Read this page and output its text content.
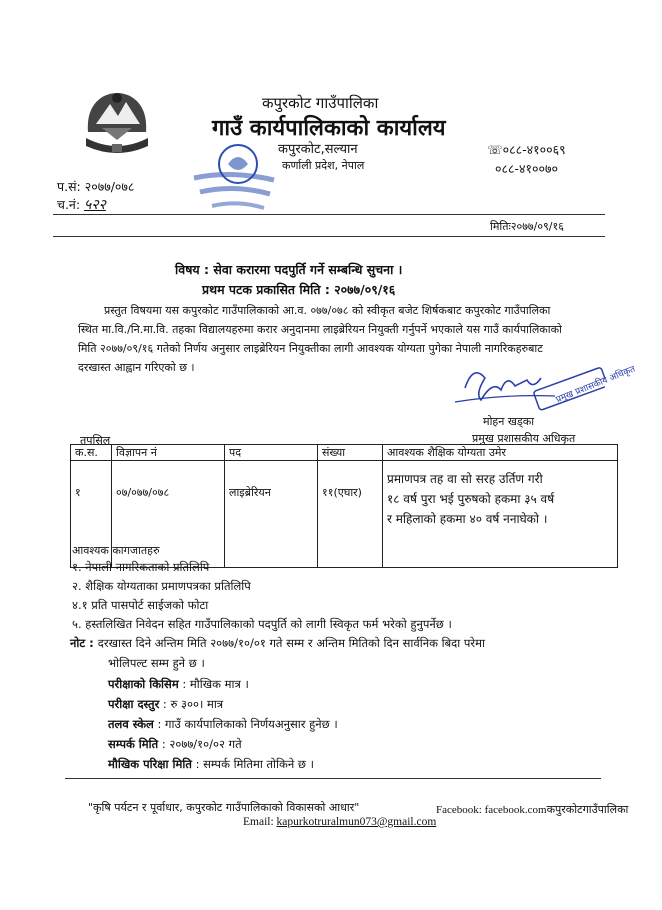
कपुरकोट गाउँपालिका
गाउँ कार्यपालिकाको कार्यालय
कपुरकोट,सल्यान
कर्णाली प्रदेश, नेपाल
☏०८८-४१००६९
०८८-४१००७०
प.सं: २०७७/०७८
च.नं: ५२२
मितिः२०७७/०९/१६
विषय : सेवा करारमा पदपुर्ति गर्ने सम्बन्धि सुचना ।
प्रथम पटक प्रकासित मिति : २०७७/०९/१६
प्रस्तुत विषयमा यस कपुरकोट गाउँपालिकाको आ.व. ०७७/०७८ को स्वीकृत बजेट शिर्षकबाट कपुरकोट गाउँपालिका
स्थित मा.वि./नि.मा.वि. तहका विद्यालयहरुमा करार अनुदानमा लाइब्रेरियन नियुक्ती गर्नुपर्ने भएकाले यस गाउँ कार्यपालिकाको
मिति २०७७/०९/१६ गतेको निर्णय अनुसार लाइब्रेरियन नियुक्तीका लागी आवश्यक योग्यता पुगेका नेपाली नागरिकहरुबाट
दरखास्त आह्वान गरिएको छ ।	प्रमुख प्रशासकीय अधिकृत
मोहन खड्का
प्रमुख प्रशासकीय अधिकृत
तपसिल
क.स.	विज्ञापन नं	पद	संख्या	आवश्यक शैक्षिक योग्यता उमेर
१	०७/०७७/०७८	लाइब्रेरियन	११(एघार)	प्रमाणपत्र तह वा सो सरह उर्तिण गरी
१८ वर्ष पुरा भई पुरुषको हकमा ३५ वर्ष
र महिलाको हकमा ४० वर्ष ननाघेको ।
आवश्यक कागजातहरु
१. नेपाली नागरिकताको प्रतिलिपि
२. शैक्षिक योग्यताका प्रमाणपत्रका प्रतिलिपि
४.१ प्रति पासपोर्ट साईजको फोटा
५. हस्तलिखित निवेदन सहित गाउँपालिकाको पदपुर्ति को लागी स्विकृत फर्म भरेको हुनुपर्नेछ ।
नोट : दरखास्त दिने अन्तिम मिति २०७७/१०/०१ गते सम्म र अन्तिम मितिको दिन सार्वनिक बिदा परेमा
भोलिपल्ट सम्म हुने छ ।
परीक्षाको किसिम : मौखिक मात्र ।
परीक्षा दस्तुर : रु ३००। मात्र
तलव स्केल : गाउँ कार्यपालिकाको निर्णयअनुसार हुनेछ ।
सम्पर्क मिति : २०७७/१०/०२ गते
मौखिक परिक्षा मिति : सम्पर्क मितिमा तोकिने छ ।
"कृषि पर्यटन र पूर्वाधार, कपुरकोट गाउँपालिकाको विकासको आधार"
Email: kapurkotruralmun073@gmail.com
Facebook: facebook.comकपुरकोटगाउँपालिका
